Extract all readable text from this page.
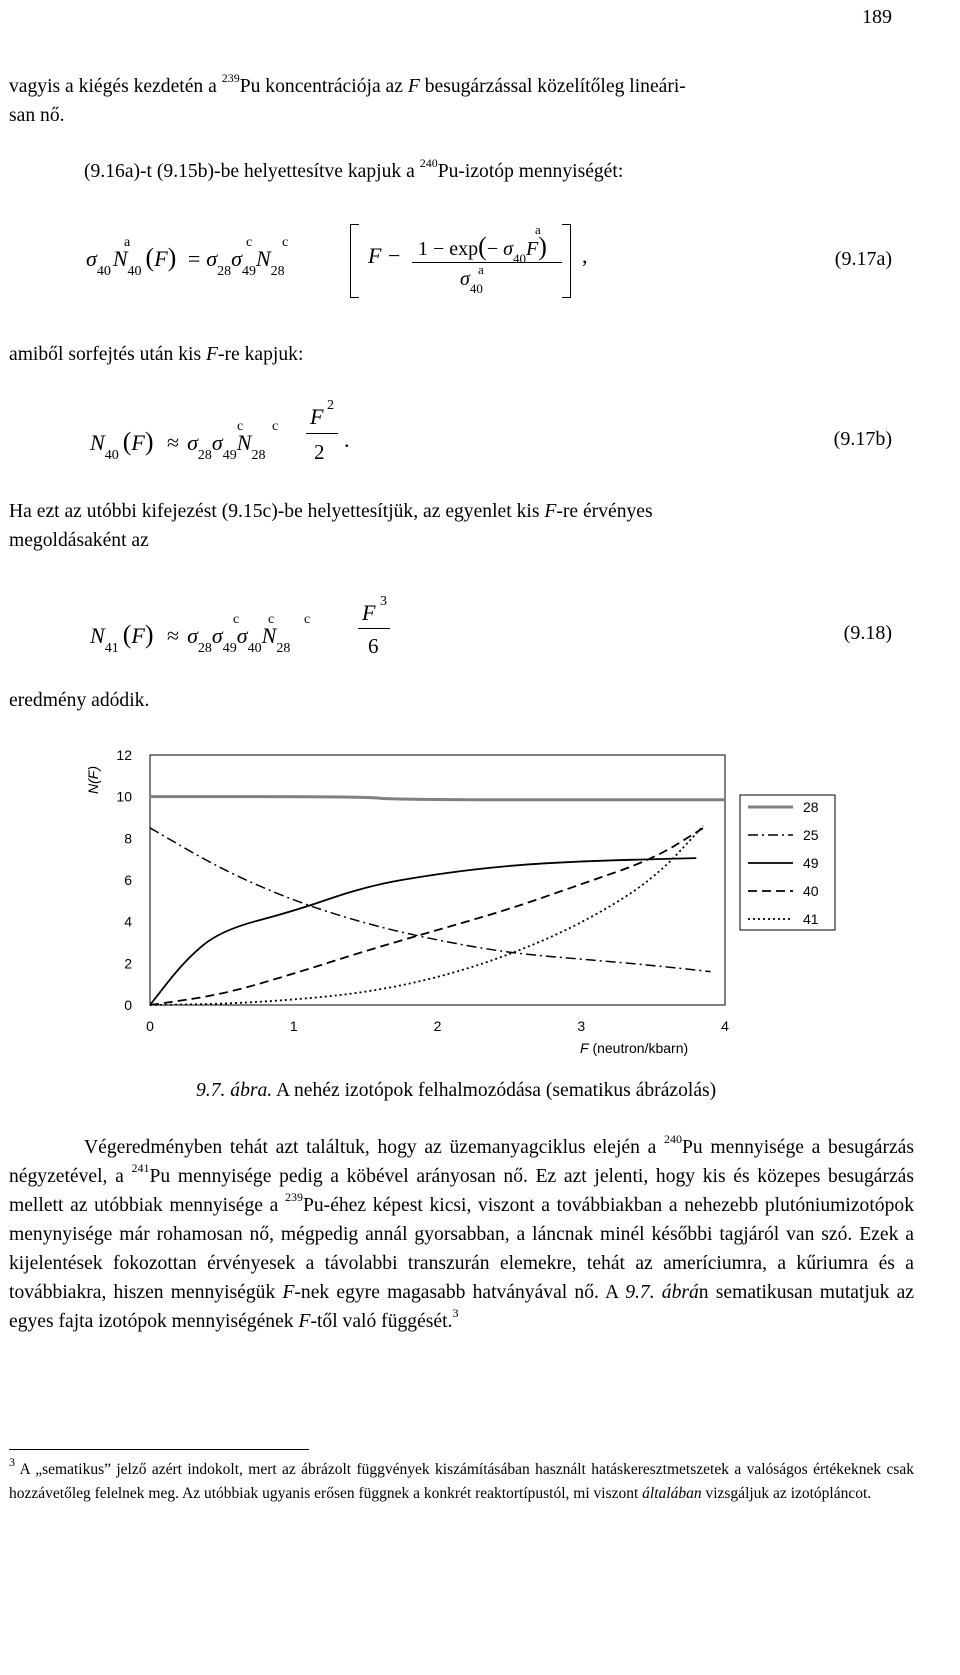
189
vagyis a kiégés kezdetén a $^{239}$Pu koncentrációja az F besugárzással közelítőleg lineári-
san nő.
(9.16a)-t (9.15b)-be helyettesítve kapjuk a $^{240}$Pu-izotóp mennyiségét:
$\sigma_{40}N_{40}$ $(F) = \sigma_{28}\sigma_{49}N_{28}$
a	c c
$F - 1 - \exp(- \sigma_{40}F)$
a
$\sigma_{40}$
a
,	(9.17a)
amiből sorfejtés után kis F-re kapjuk:
$N_{40}$ $(F) \approx \sigma_{28}\sigma_{49}N_{28}$
c c F 2
2 .	(9.17b)
Ha ezt az utóbbi kifejezést (9.15c)-be helyettesítjük, az egyenlet kis F-re érvényes
megoldásaként az
$N_{41}$ $(F) \approx \sigma_{28}\sigma_{49}\sigma_{40}N_{28}$
c c c F 3
6
(9.18)
eredmény adódik.
N(F)
0
2
4
6
8
10
12
0	1	2	3	4
28
25
49
40
41
F (neutron/kbarn)
9.7. ábra. A nehéz izotópok felhalmozódása (sematikus ábrázolás)
Végeredményben tehát azt találtuk, hogy az üzemanyagciklus elején a $^{240}$Pu mennyisége a besugárzás négyzetével, a $^{241}$Pu mennyisége pedig a köbével arányosan nő. Ez azt jelenti, hogy kis és közepes besugárzás mellett az utóbbiak mennyisége a $^{239}$Pu-éhez képest kicsi, viszont a továbbiakban a nehezebb plutóniumizotópok menynyisége már rohamosan nő, mégpedig annál gyorsabban, a láncnak minél későbbi tagjáról van szó. Ezek a kijelentések fokozottan érvényesek a távolabbi transzurán elemekre, tehát az ameríciumra, a kűriumra és a továbbiakra, hiszen mennyiségük F-nek egyre magasabb hatványával nő. A 9.7. ábrán sematikusan mutatjuk az egyes fajta izotópok mennyiségének F-től való függését.$^3$
$^3$ A „sematikus” jelző azért indokolt, mert az ábrázolt függvények kiszámításában használt hatáskeresztmetszetek a valóságos értékeknek csak hozzávetőleg felelnek meg. Az utóbbiak ugyanis erősen függnek a konkrét reaktortípustól, mi viszont általában vizsgáljuk az izotópláncot.
